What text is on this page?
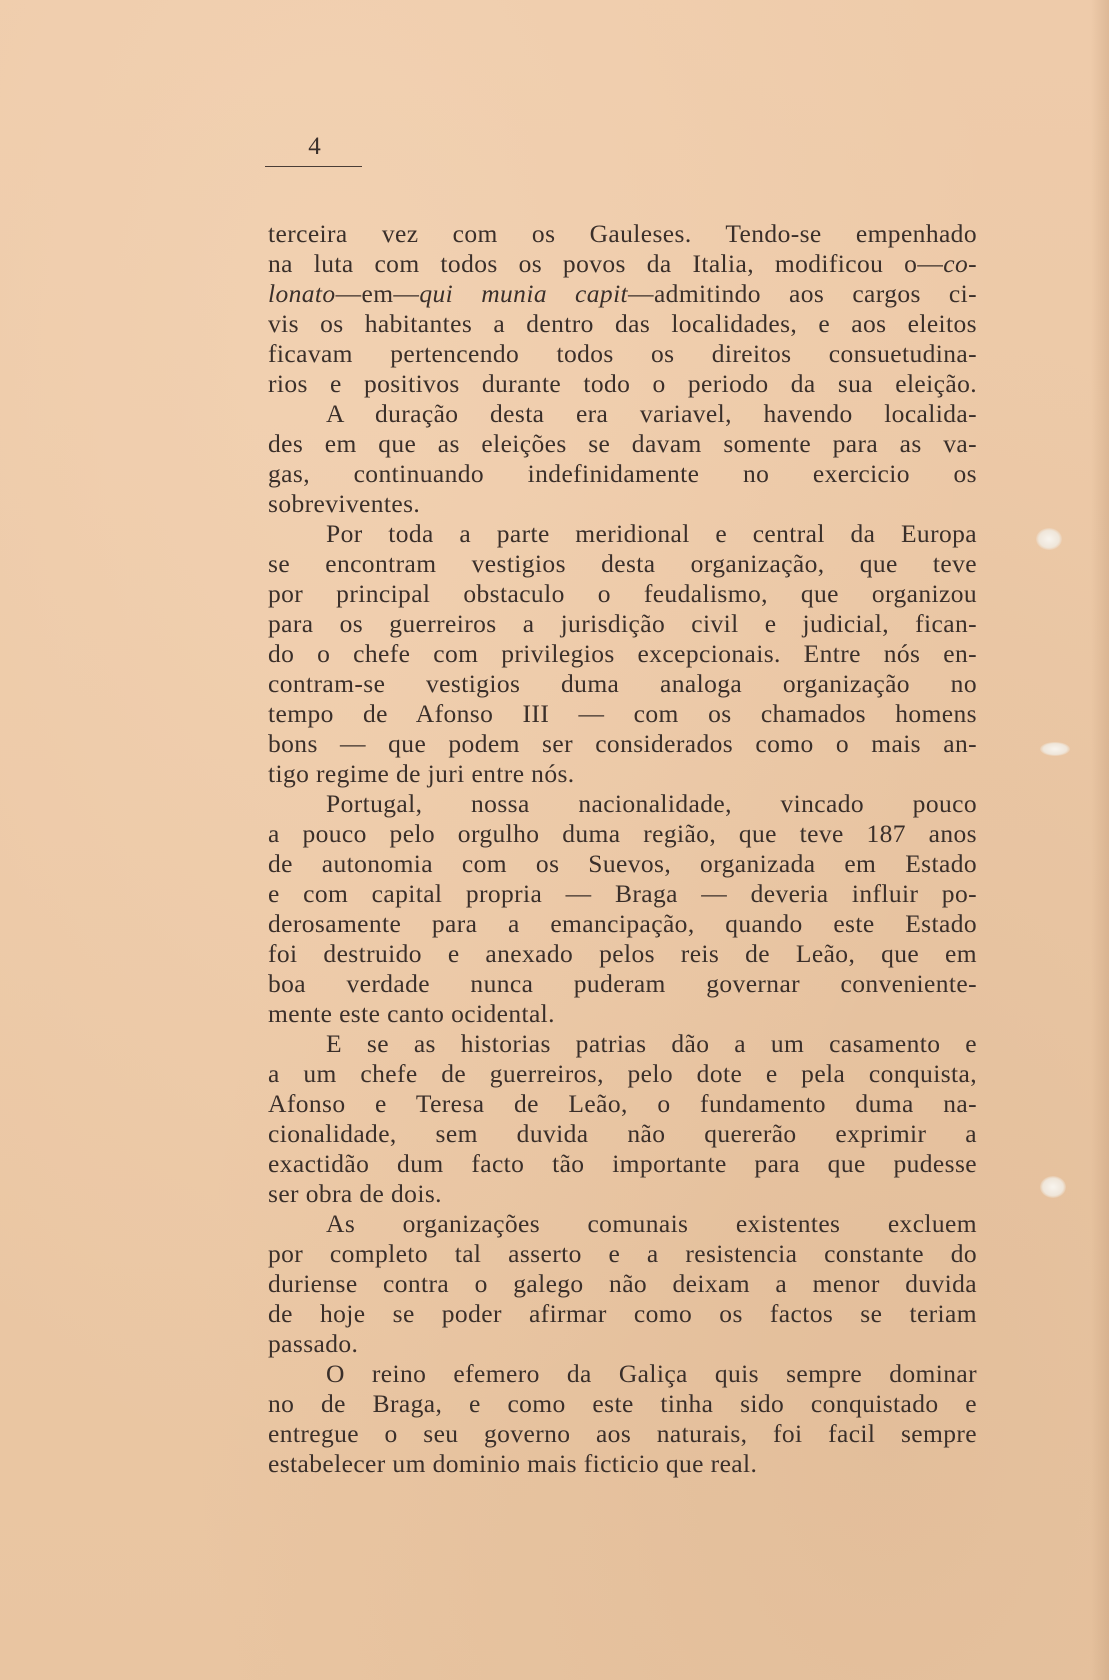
4
terceira vez com os Gauleses. Tendo-se empenhado
na luta com todos os povos da Italia, modificou o—co-
lonato—em—qui munia capit—admitindo aos cargos ci-
vis os habitantes a dentro das localidades, e aos eleitos
ficavam pertencendo todos os direitos consuetudina-
rios e positivos durante todo o periodo da sua eleição.
A duração desta era variavel, havendo localida-
des em que as eleições se davam somente para as va-
gas, continuando indefinidamente no exercicio os
sobreviventes.
Por toda a parte meridional e central da Europa
se encontram vestigios desta organização, que teve
por principal obstaculo o feudalismo, que organizou
para os guerreiros a jurisdição civil e judicial, fican-
do o chefe com privilegios excepcionais. Entre nós en-
contram-se vestigios duma analoga organização no
tempo de Afonso III — com os chamados homens
bons — que podem ser considerados como o mais an-
tigo regime de juri entre nós.
Portugal, nossa nacionalidade, vincado pouco
a pouco pelo orgulho duma região, que teve 187 anos
de autonomia com os Suevos, organizada em Estado
e com capital propria — Braga — deveria influir po-
derosamente para a emancipação, quando este Estado
foi destruido e anexado pelos reis de Leão, que em
boa verdade nunca puderam governar conveniente-
mente este canto ocidental.
E se as historias patrias dão a um casamento e
a um chefe de guerreiros, pelo dote e pela conquista,
Afonso e Teresa de Leão, o fundamento duma na-
cionalidade, sem duvida não quererão exprimir a
exactidão dum facto tão importante para que pudesse
ser obra de dois.
As organizações comunais existentes excluem
por completo tal asserto e a resistencia constante do
duriense contra o galego não deixam a menor duvida
de hoje se poder afirmar como os factos se teriam
passado.
O reino efemero da Galiça quis sempre dominar
no de Braga, e como este tinha sido conquistado e
entregue o seu governo aos naturais, foi facil sempre
estabelecer um dominio mais ficticio que real.
